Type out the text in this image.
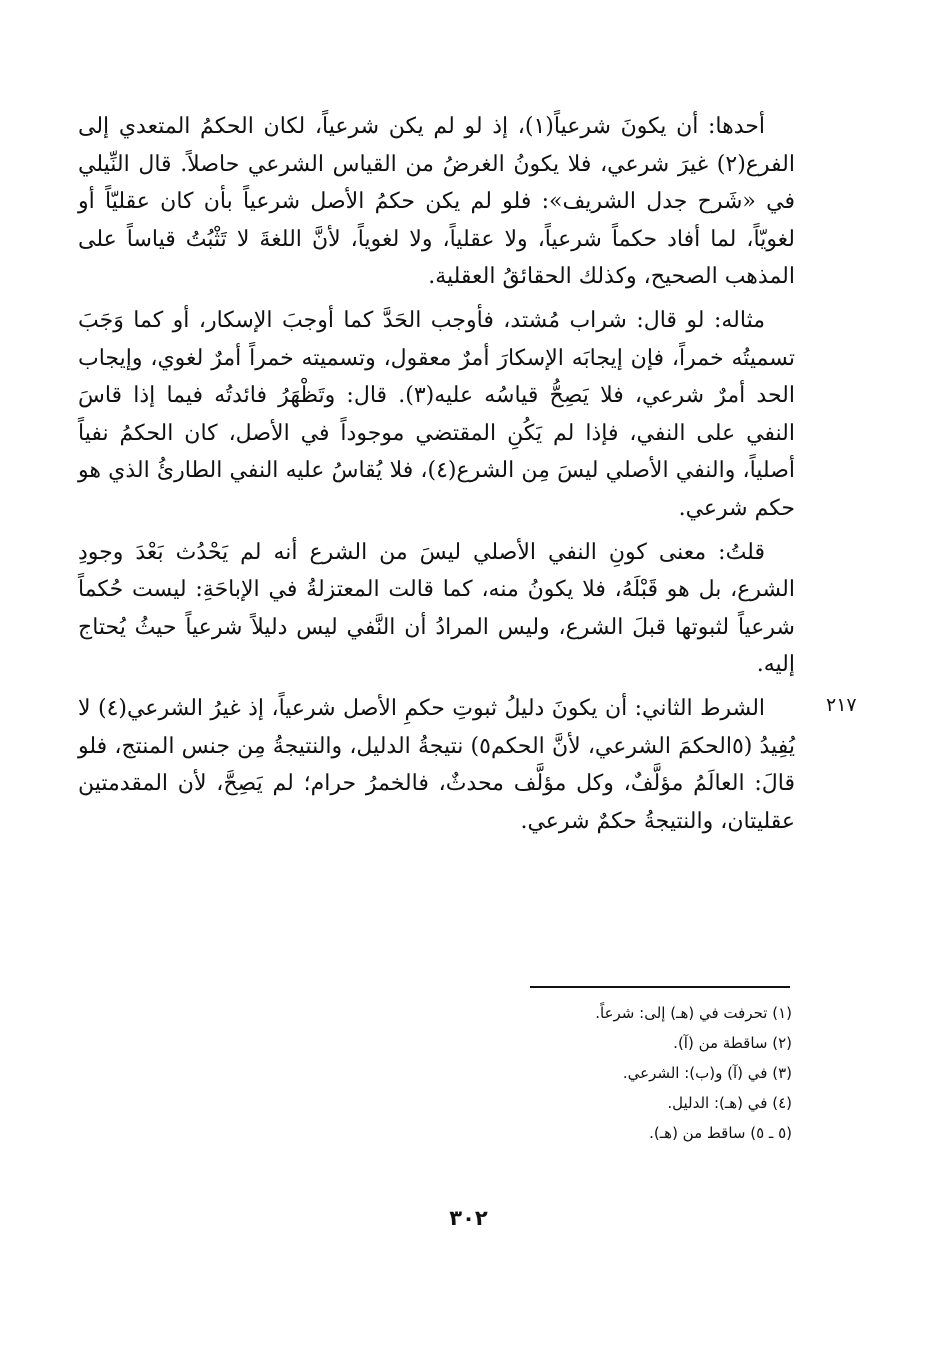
أحدها: أن يكونَ شرعياً(١)، إذ لو لم يكن شرعياً، لكان الحكمُ المتعدي إلى الفرع(٢) غيرَ شرعي، فلا يكونُ الغرضُ من القياس الشرعي حاصلاً. قال النِّيلي في «شَرح جدل الشريف»: فلو لم يكن حكمُ الأصل شرعياً بأن كان عقليّاً أو لغويّاً، لما أفاد حكماً شرعياً، ولا عقلياً، ولا لغوياً، لأنَّ اللغةَ لا تَثْبُتُ قياساً على المذهب الصحيح، وكذلك الحقائقُ العقلية.

مثاله: لو قال: شراب مُشتد، فأوجب الحَدَّ كما أوجبَ الإسكار، أو كما وَجَبَ تسميتُه خمراً، فإن إيجابَه الإسكارَ أمرٌ معقول، وتسميته خمراً أمرٌ لغوي، وإيجاب الحد أمرٌ شرعي، فلا يَصِحُّ قياسُه عليه(٣). قال: وتَظْهَرُ فائدتُه فيما إذا قاسَ النفي على النفي، فإذا لم يَكُنِ المقتضي موجوداً في الأصل، كان الحكمُ نفياً أصلياً، والنفي الأصلي ليسَ مِن الشرع(٤)، فلا يُقاسُ عليه النفي الطارئُ الذي هو حكم شرعي.

قلتُ: معنى كونِ النفي الأصلي ليسَ من الشرع أنه لم يَحْدُث بَعْدَ وجودِ الشرع، بل هو قَبْلَهُ، فلا يكونُ منه، كما قالت المعتزلةُ في الإباحَةِ: ليست حُكماً شرعياً لثبوتها قبلَ الشرع، وليس المرادُ أن النَّفي ليس دليلاً شرعياً حيثُ يُحتاج إليه.

الشرط الثاني: أن يكونَ دليلُ ثبوتِ حكمِ الأصل شرعياً، إذ غيرُ الشرعي(٤) لا يُفِيدُ (٥الحكمَ الشرعي، لأنَّ الحكم٥) نتيجةُ الدليل، والنتيجةُ مِن جنس المنتج، فلو قالَ: العالَمُ مؤلَّفٌ، وكل مؤلَّف محدثٌ، فالخمرُ حرام؛ لم يَصِحَّ، لأن المقدمتين عقليتان، والنتيجةُ حكمٌ شرعي.

٢١٧
(١) تحرفت في (هـ) إلى: شرعاً.
(٢) ساقطة من (آ).
(٣) في (آ) و(ب): الشرعي.
(٤) في (هـ): الدليل.
(٥ ـ ٥) ساقط من (هـ).
٣٠٢
